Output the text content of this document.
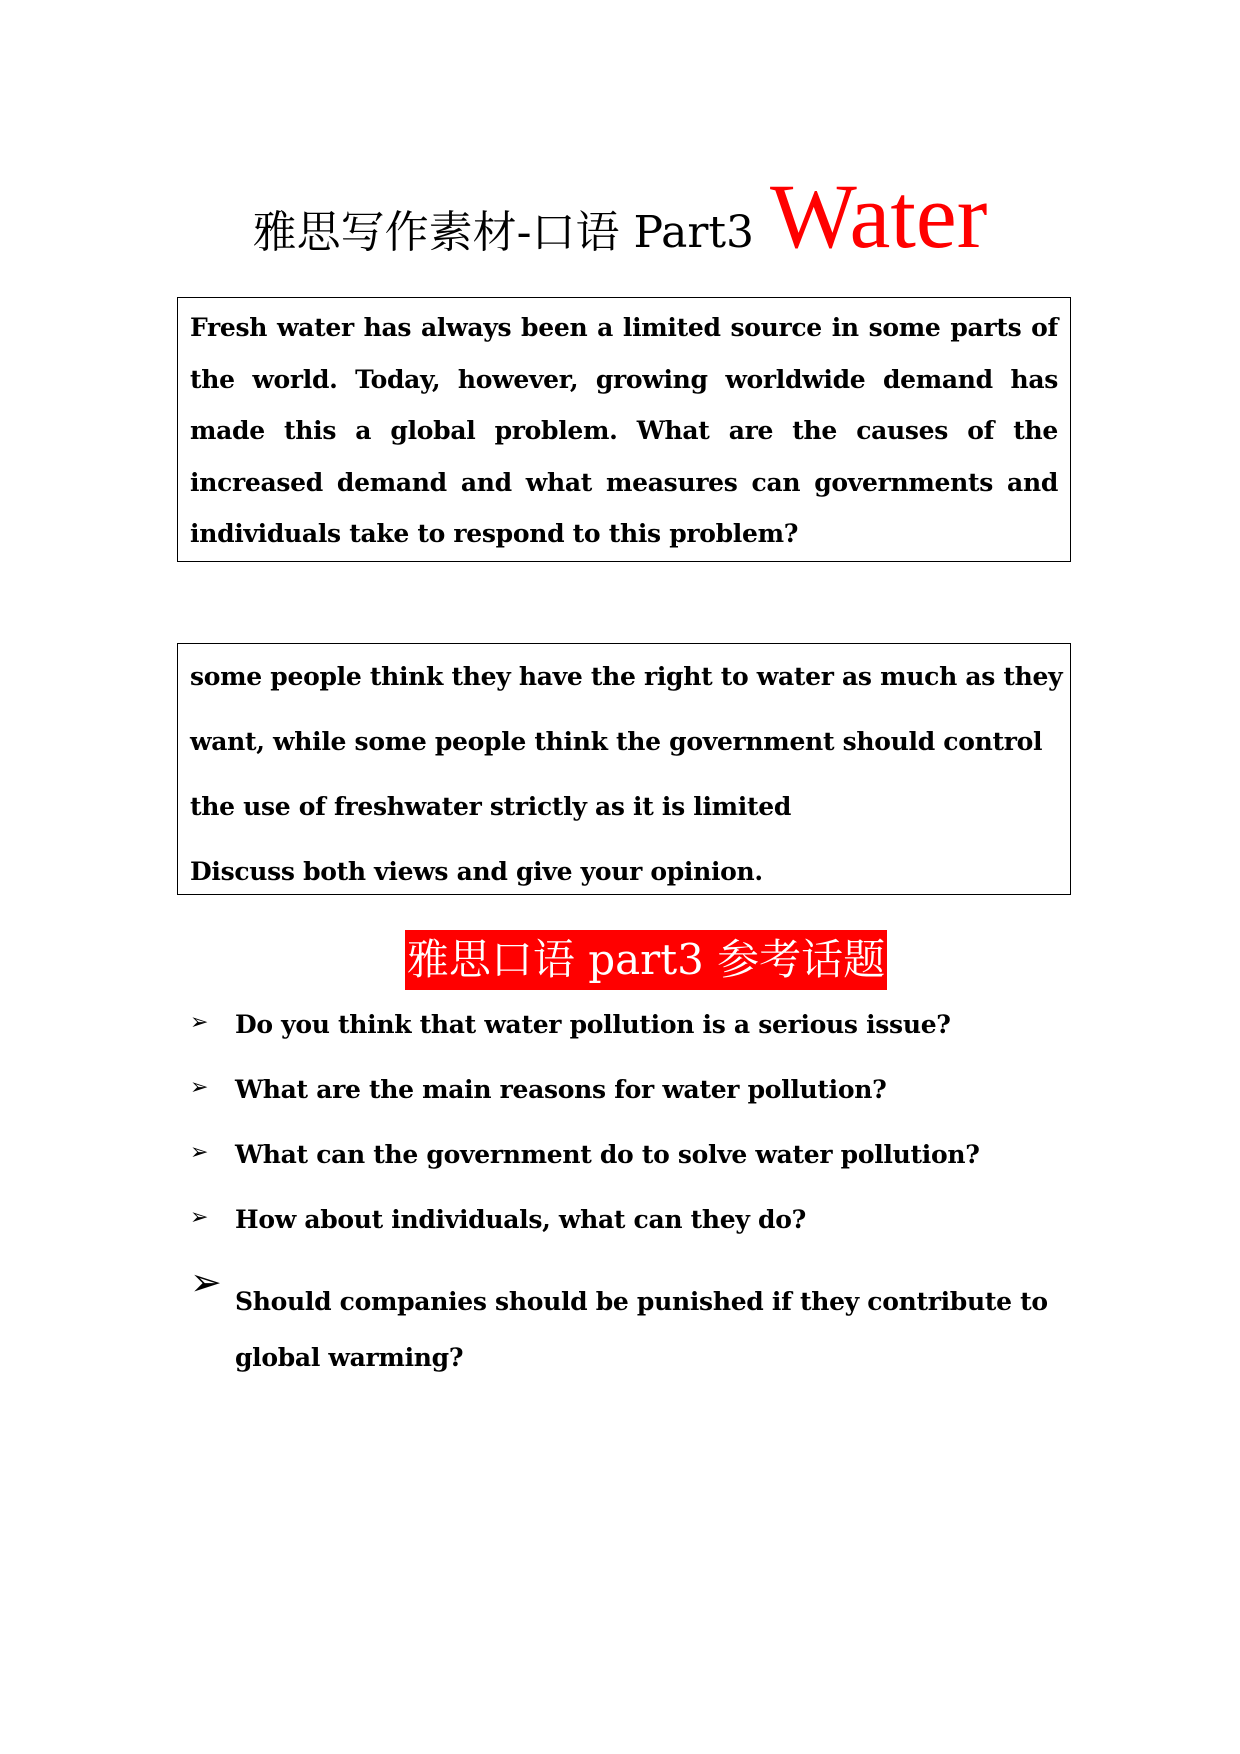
雅思写作素材-口语 Part3 Water
Fresh water has always been a limited source in some parts of the world. Today, however, growing worldwide demand has made this a global problem. What are the causes of the increased demand and what measures can governments and individuals take to respond to this problem?
some people think they have the right to water as much as they
want, while some people think the government should control
the use of freshwater strictly as it is limited
Discuss both views and give your opinion.
雅思口语 part3 参考话题
➢ Do you think that water pollution is a serious issue?
➢ What are the main reasons for water pollution?
➢ What can the government do to solve water pollution?
➢ How about individuals, what can they do?
➢ Should companies should be punished if they contribute to global warming?
